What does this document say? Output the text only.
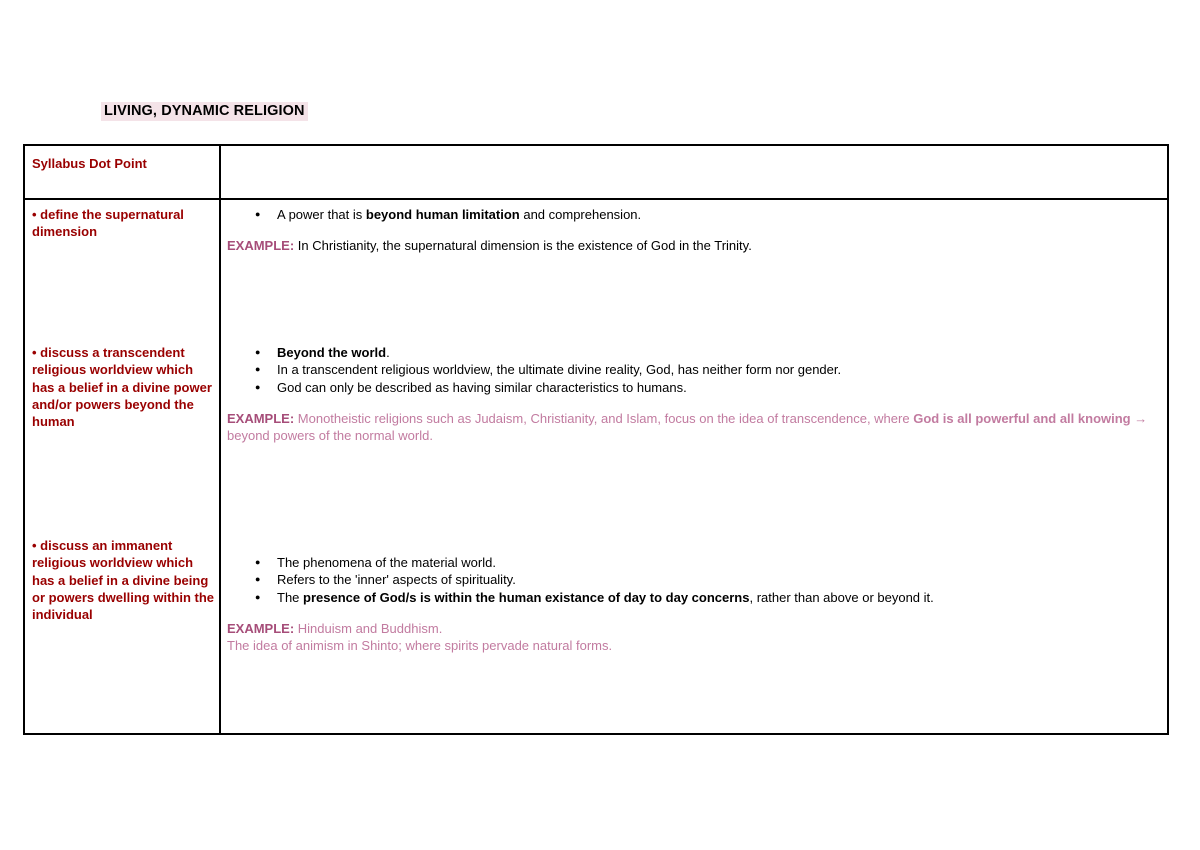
LIVING, DYNAMIC RELIGION
Syllabus Dot Point
• define the supernatural dimension
● A power that is beyond human limitation and comprehension.
EXAMPLE: In Christianity, the supernatural dimension is the existence of God in the Trinity.
• discuss a transcendent religious worldview which has a belief in a divine power and/or powers beyond the human
● Beyond the world.
● In a transcendent religious worldview, the ultimate divine reality, God, has neither form nor gender.
● God can only be described as having similar characteristics to humans.
EXAMPLE: Monotheistic religions such as Judaism, Christianity, and Islam, focus on the idea of transcendence, where God is all powerful and all knowing → beyond powers of the normal world.
• discuss an immanent religious worldview which has a belief in a divine being or powers dwelling within the individual
● The phenomena of the material world.
● Refers to the 'inner' aspects of spirituality.
● The presence of God/s is within the human existance of day to day concerns, rather than above or beyond it.
EXAMPLE: Hinduism and Buddhism.
The idea of animism in Shinto; where spirits pervade natural forms.
